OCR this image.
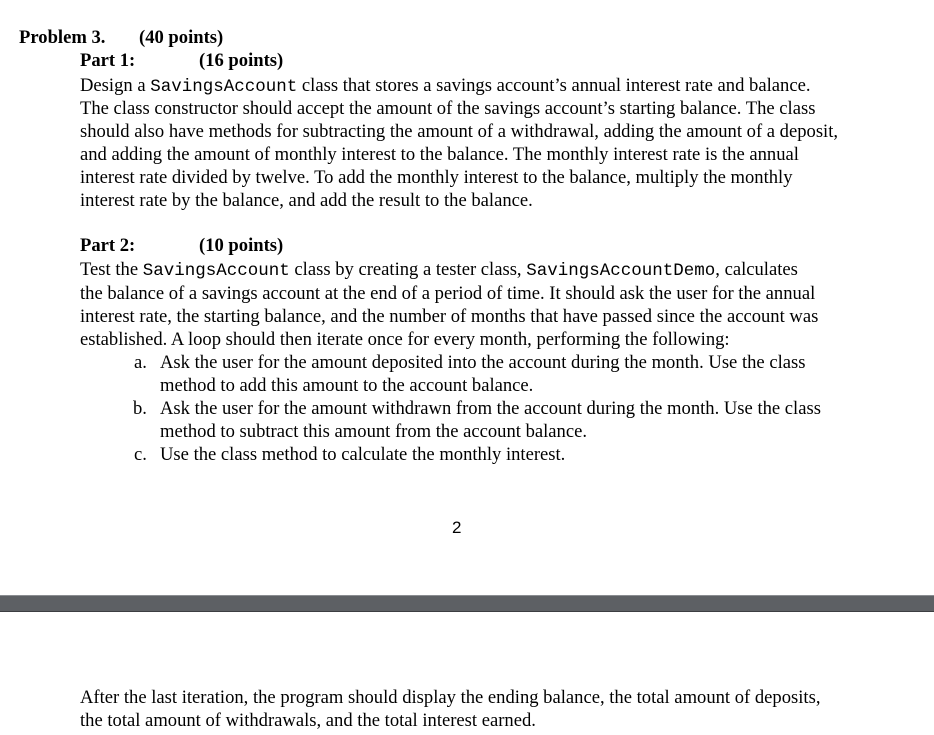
Problem 3. (40 points)
Part 1:	(16 points)
Design a SavingsAccount class that stores a savings account’s annual interest rate and balance.
The class constructor should accept the amount of the savings account’s starting balance. The class
should also have methods for subtracting the amount of a withdrawal, adding the amount of a deposit,
and adding the amount of monthly interest to the balance. The monthly interest rate is the annual
interest rate divided by twelve. To add the monthly interest to the balance, multiply the monthly
interest rate by the balance, and add the result to the balance.
Part 2:	(10 points)
Test the SavingsAccount class by creating a tester class, SavingsAccountDemo, calculates
the balance of a savings account at the end of a period of time. It should ask the user for the annual
interest rate, the starting balance, and the number of months that have passed since the account was
established. A loop should then iterate once for every month, performing the following:
a. Ask the user for the amount deposited into the account during the month. Use the class
method to add this amount to the account balance.
b. Ask the user for the amount withdrawn from the account during the month. Use the class
method to subtract this amount from the account balance.
c. Use the class method to calculate the monthly interest.
2
After the last iteration, the program should display the ending balance, the total amount of deposits,
the total amount of withdrawals, and the total interest earned.
